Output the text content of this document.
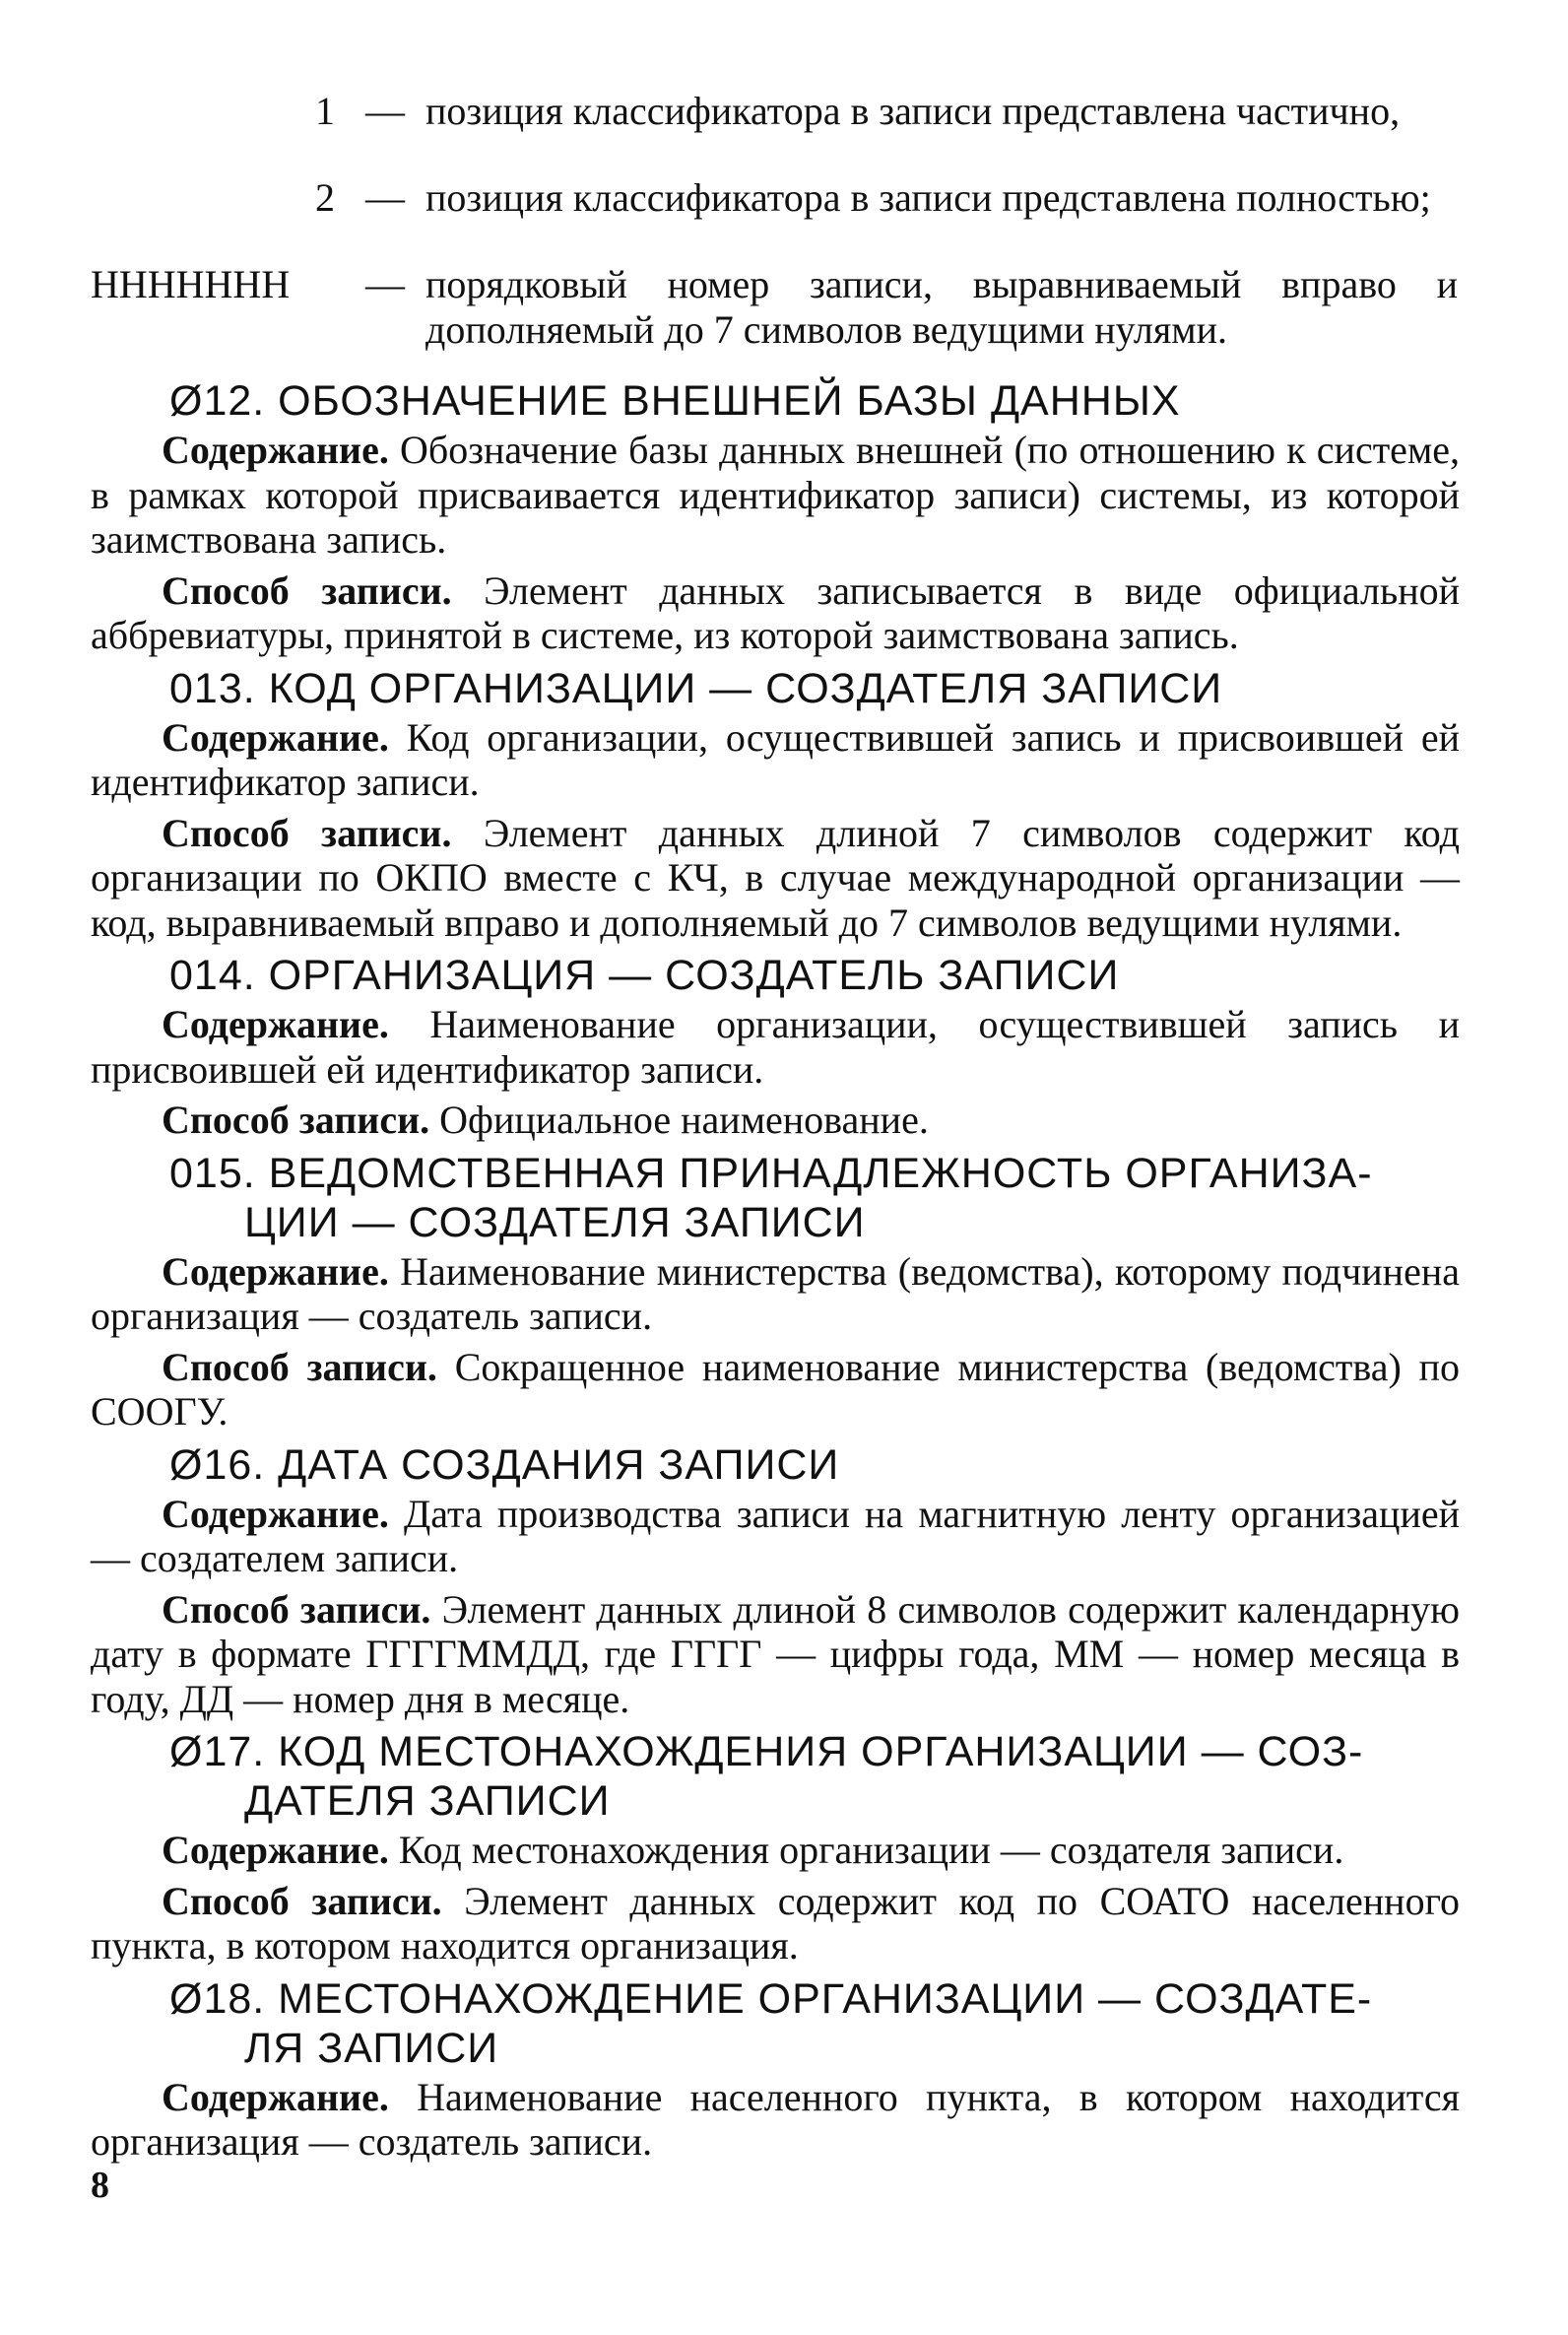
1 — позиция классификатора в записи представлена частично,
2 — позиция классификатора в записи представлена полностью;
ННННННН	— порядковый номер записи, выравниваемый вправо и дополняемый до 7 символов ведущими нулями.
Ø12. ОБОЗНАЧЕНИЕ ВНЕШНЕЙ БАЗЫ ДАННЫХ

Содержание. Обозначение базы данных внешней (по отношению к системе, в рамках которой присваивается идентификатор записи) системы, из которой заимствована запись.

Способ записи. Элемент данных записывается в виде официальной аббревиатуры, принятой в системе, из которой заимствована запись.

013. КОД ОРГАНИЗАЦИИ — СОЗДАТЕЛЯ ЗАПИСИ

Содержание. Код организации, осуществившей запись и присвоившей ей идентификатор записи.

Способ записи. Элемент данных длиной 7 символов содержит код организации по ОКПО вместе с КЧ, в случае международной организации — код, выравниваемый вправо и дополняемый до 7 символов ведущими нулями.

014. ОРГАНИЗАЦИЯ — СОЗДАТЕЛЬ ЗАПИСИ

Содержание. Наименование организации, осуществившей запись и присвоившей ей идентификатор записи.

Способ записи. Официальное наименование.

015. ВЕДОМСТВЕННАЯ ПРИНАДЛЕЖНОСТЬ ОРГАНИЗА-
ЦИИ — СОЗДАТЕЛЯ ЗАПИСИ

Содержание. Наименование министерства (ведомства), которому подчинена организация — создатель записи.

Способ записи. Сокращенное наименование министерства (ведомства) по СООГУ.

Ø16. ДАТА СОЗДАНИЯ ЗАПИСИ

Содержание. Дата производства записи на магнитную ленту организацией — создателем записи.

Способ записи. Элемент данных длиной 8 символов содержит календарную дату в формате ГГГГММДД, где ГГГГ — цифры года, ММ — номер месяца в году, ДД — номер дня в месяце.

Ø17. КОД МЕСТОНАХОЖДЕНИЯ ОРГАНИЗАЦИИ — СОЗ-
ДАТЕЛЯ ЗАПИСИ

Содержание. Код местонахождения организации — создателя записи.

Способ записи. Элемент данных содержит код по СОАТО населенного пункта, в котором находится организация.

Ø18. МЕСТОНАХОЖДЕНИЕ ОРГАНИЗАЦИИ — СОЗДАТЕ-
ЛЯ ЗАПИСИ

Содержание. Наименование населенного пункта, в котором находится организация — создатель записи.

8
